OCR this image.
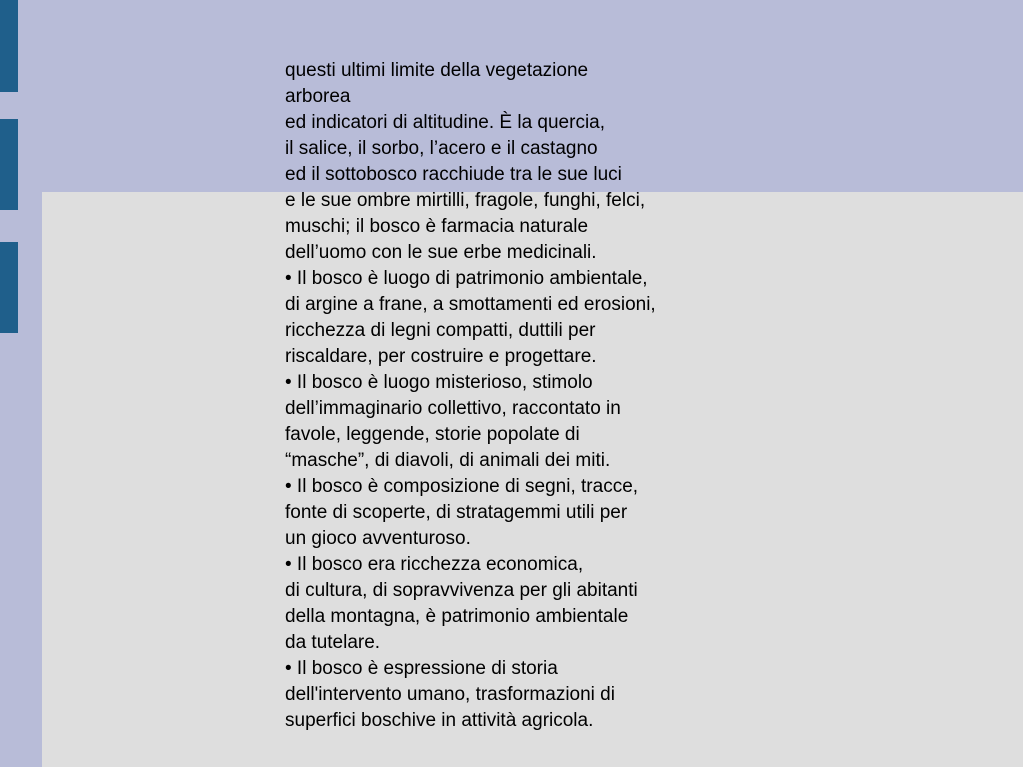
questi ultimi limite della vegetazione
arborea
ed indicatori di altitudine. È la quercia,
il salice, il sorbo, l’acero e il castagno
ed il sottobosco racchiude tra le sue luci
e le sue ombre mirtilli, fragole, funghi, felci,
muschi; il bosco è farmacia naturale
dell’uomo con le sue erbe medicinali.
• Il bosco è luogo di patrimonio ambientale,
di argine a frane, a smottamenti ed erosioni,
ricchezza di legni compatti, duttili per
riscaldare, per costruire e progettare.
• Il bosco è luogo misterioso, stimolo
dell’immaginario collettivo, raccontato in
favole, leggende, storie popolate di
“masche”, di diavoli, di animali dei miti.
• Il bosco è composizione di segni, tracce,
fonte di scoperte, di stratagemmi utili per
un gioco avventuroso.
• Il bosco era ricchezza economica,
di cultura, di sopravvivenza per gli abitanti
della montagna, è patrimonio ambientale
da tutelare.
• Il bosco è espressione di storia
dell'intervento umano, trasformazioni di
superfici boschive in attività agricola.
